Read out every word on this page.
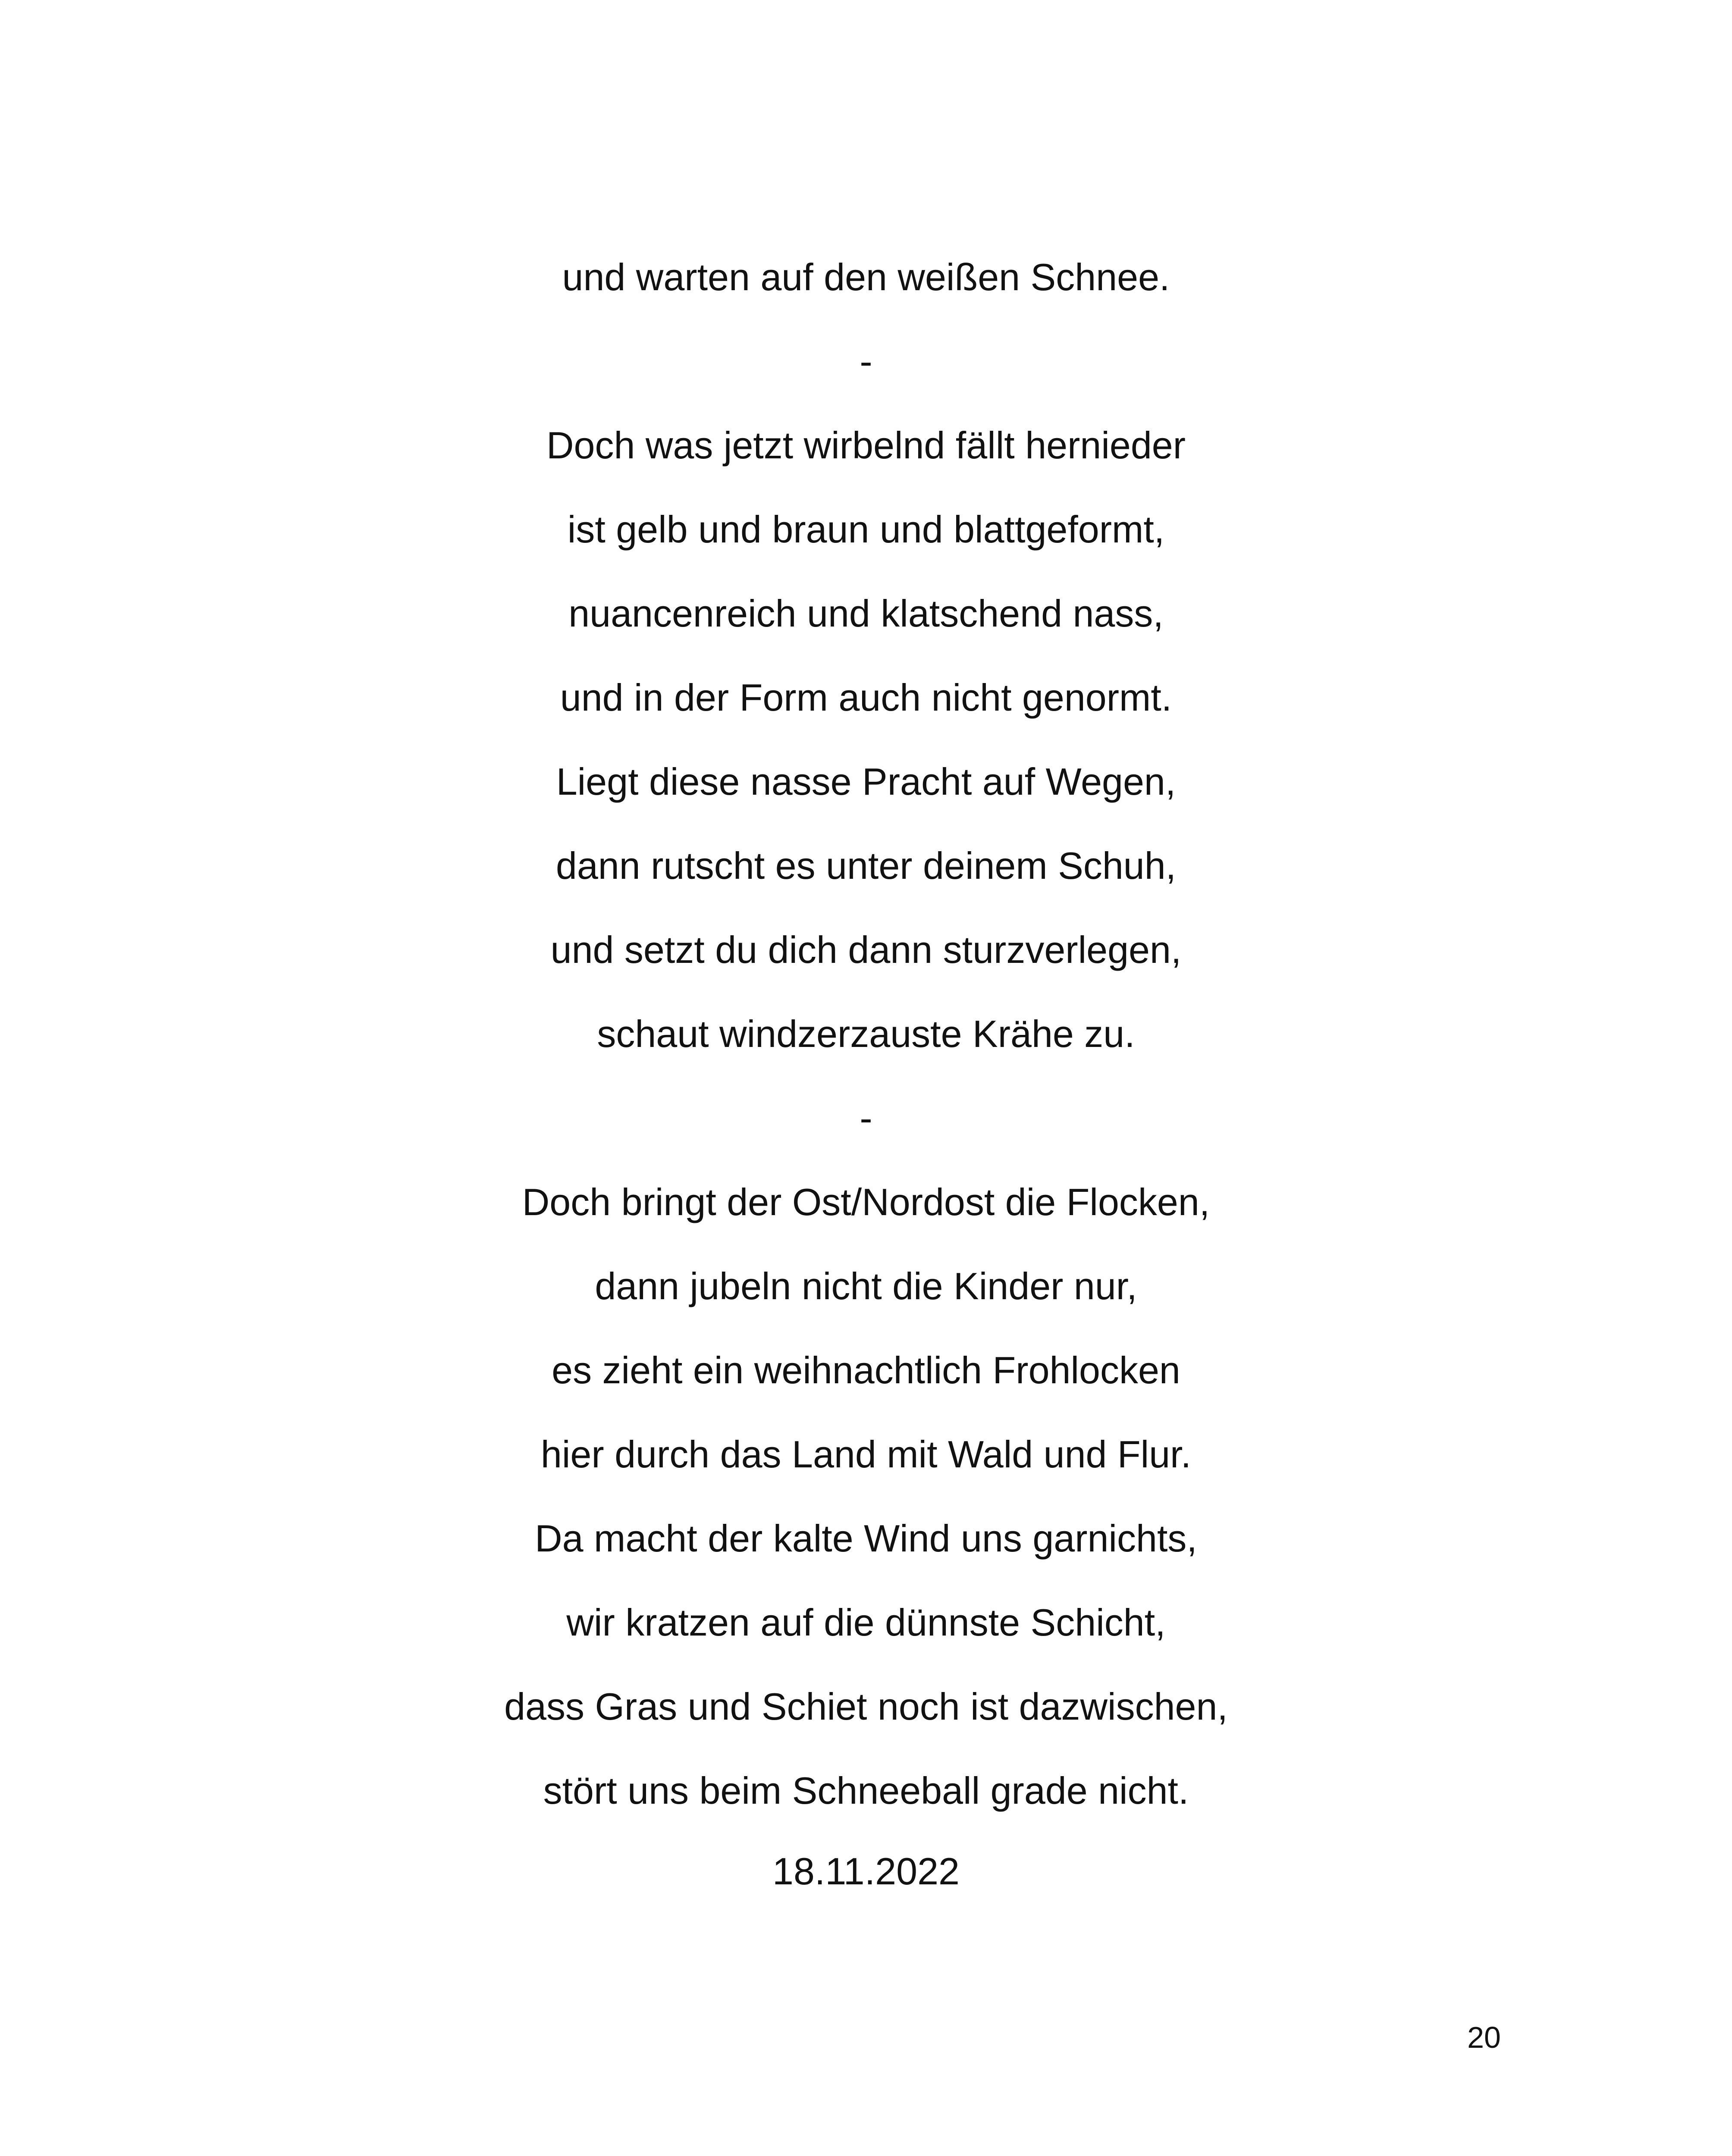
und warten auf den weißen Schnee.
-
Doch was jetzt wirbelnd fällt hernieder
ist gelb und braun und blattgeformt,
nuancenreich und klatschend nass,
und in der Form auch nicht genormt.
Liegt diese nasse Pracht auf Wegen,
dann rutscht es unter deinem Schuh,
und setzt du dich dann sturzverlegen,
schaut windzerzauste Krähe zu.
-
Doch bringt der Ost/Nordost die Flocken,
dann jubeln nicht die Kinder nur,
es zieht ein weihnachtlich Frohlocken
hier durch das Land mit Wald und Flur.
Da macht der kalte Wind uns garnichts,
wir kratzen auf die dünnste Schicht,
dass Gras und Schiet noch ist dazwischen,
stört uns beim Schneeball grade nicht.
18.11.2022
20
